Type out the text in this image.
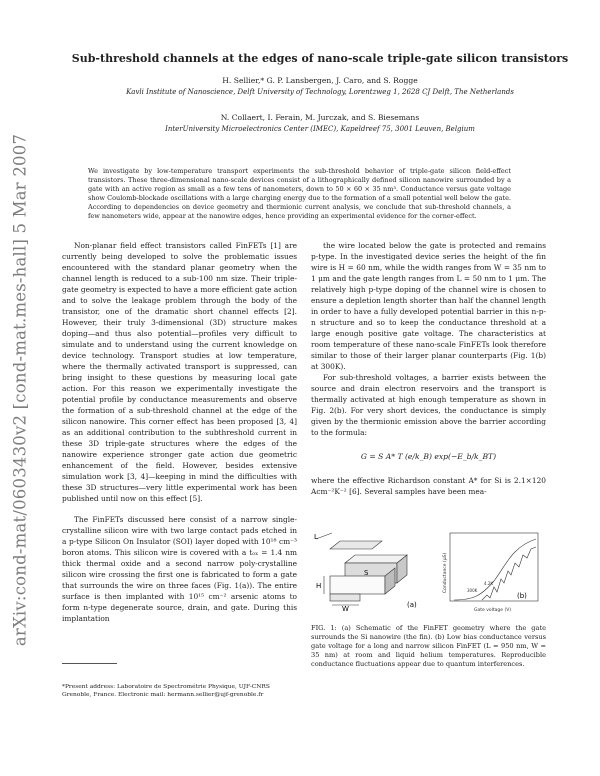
arXiv:cond-mat/0603430v2 [cond-mat.mes-hall] 5 Mar 2007
Sub-threshold channels at the edges of nano-scale triple-gate silicon transistors
H. Sellier,* G. P. Lansbergen, J. Caro, and S. Rogge
Kavli Institute of Nanoscience, Delft University of Technology, Lorentzweg 1, 2628 CJ Delft, The Netherlands
N. Collaert, I. Ferain, M. Jurczak, and S. Biesemans
InterUniversity Microelectronics Center (IMEC), Kapeldreef 75, 3001 Leuven, Belgium
We investigate by low-temperature transport experiments the sub-threshold behavior of triple-gate silicon field-effect transistors. These three-dimensional nano-scale devices consist of a lithographically defined silicon nanowire surrounded by a gate with an active region as small as a few tens of nanometers, down to 50 × 60 × 35 nm³. Conductance versus gate voltage show Coulomb-blockade oscillations with a large charging energy due to the formation of a small potential well below the gate. According to dependencies on device geometry and thermionic current analysis, we conclude that sub-threshold channels, a few nanometers wide, appear at the nanowire edges, hence providing an experimental evidence for the corner-effect.

Non-planar field effect transistors called FinFETs [1] are currently being developed to solve the problematic issues encountered with the standard planar geometry when the channel length is reduced to a sub-100 nm size. Their triple-gate geometry is expected to have a more efficient gate action and to solve the leakage problem through the body of the transistor, one of the dramatic short channel effects [2]. However, their truly 3-dimensional (3D) structure makes doping—and thus also potential—profiles very difficult to simulate and to understand using the current knowledge on device technology. Transport studies at low temperature, where the thermally activated transport is suppressed, can bring insight to these questions by measuring local gate action. For this reason we experimentally investigate the potential profile by conductance measurements and observe the formation of a sub-threshold channel at the edge of the silicon nanowire. This corner effect has been proposed [3, 4] as an additional contribution to the subthreshold current in these 3D triple-gate structures where the edges of the nanowire experience stronger gate action due geometric enhancement of the field. However, besides extensive simulation work [3, 4]—keeping in mind the difficulties with these 3D structures—very little experimental work has been published until now on this effect [5].

The FinFETs discussed here consist of a narrow single-crystalline silicon wire with two large contact pads etched in a p-type Silicon On Insulator (SOI) layer doped with 10¹⁸ cm⁻³ boron atoms. This silicon wire is covered with a tₒₓ = 1.4 nm thick thermal oxide and a second narrow poly-crystalline silicon wire crossing the first one is fabricated to form a gate that surrounds the wire on three faces (Fig. 1(a)). The entire surface is then implanted with 10¹⁵ cm⁻² arsenic atoms to form n-type degenerate source, drain, and gate. During this implantation

the wire located below the gate is protected and remains p-type. In the investigated device series the height of the fin wire is H = 60 nm, while the width ranges from W = 35 nm to 1 μm and the gate length ranges from L = 50 nm to 1 μm. The relatively high p-type doping of the channel wire is chosen to ensure a depletion length shorter than half the channel length in order to have a fully developed potential barrier in this n-p-n structure and so to keep the conductance threshold at a large enough positive gate voltage. The characteristics at room temperature of these nano-scale FinFETs look therefore similar to those of their larger planar counterparts (Fig. 1(b) at 300K).

For sub-threshold voltages, a barrier exists between the source and drain electron reservoirs and the transport is thermally activated at high enough temperature as shown in Fig. 2(b). For very short devices, the conductance is simply given by the thermionic emission above the barrier according to the formula:

G = S A* T (e/k_B) exp(−E_b/k_BT)

where the effective Richardson constant A* for Si is 2.1×120 Acm⁻²K⁻² [6]. Several samples have been mea-

*Present address: Laboratoire de Spectrométrie Physique, UJF-CNRS Grenoble, France. Electronic mail: hermann.sellier@ujf-grenoble.fr
L
H
W
S
(a)
(b)
300K
4.2K
Gate voltage (V)
Conductance (μS)
FIG. 1: (a) Schematic of the FinFET geometry where the gate surrounds the Si nanowire (the fin). (b) Low bias conductance versus gate voltage for a long and narrow silicon FinFET (L = 950 nm, W = 35 nm) at room and liquid helium temperatures. Reproducible conductance fluctuations appear due to quantum interferences.
